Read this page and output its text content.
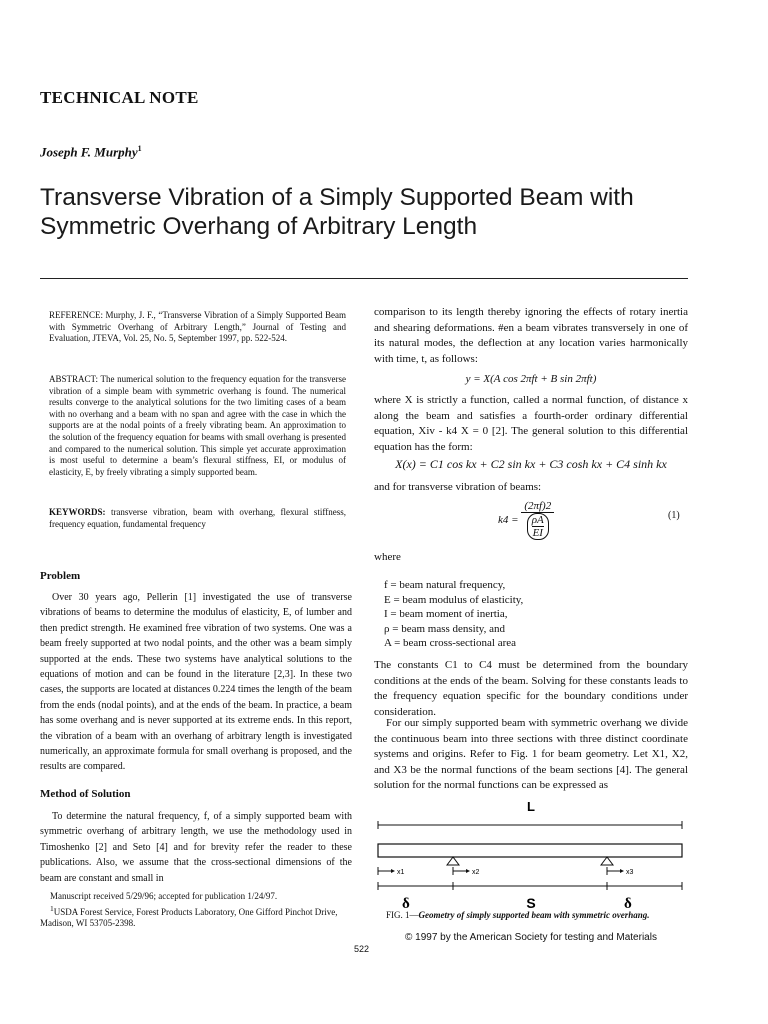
TECHNICAL NOTE
Joseph F. Murphy$^1$
Transverse Vibration of a Simply Supported Beam with Symmetric Overhang of Arbitrary Length
REFERENCE: Murphy, J. F., “Transverse Vibration of a Simply Supported Beam with Symmetric Overhang of Arbitrary Length,” Journal of Testing and Evaluation, JTEVA, Vol. 25, No. 5, September 1997, pp. 522-524.
ABSTRACT: The numerical solution to the frequency equation for the transverse vibration of a simple beam with symmetric overhang is found. The numerical results converge to the analytical solutions for the two limiting cases of a beam with no overhang and a beam with no span and agree with the case in which the supports are at the nodal points of a freely vibrating beam. An approximation to the solution of the frequency equation for beams with small overhang is presented and compared to the numerical solution. This simple yet accurate approximation is most useful to determine a beam’s flexural stiffness, EI, or modulus of elasticity, E, by freely vibrating a simply supported beam.
KEYWORDS: transverse vibration, beam with overhang, flexural stiffness, frequency equation, fundamental frequency
Problem
Over 30 years ago, Pellerin [1] investigated the use of transverse vibrations of beams to determine the modulus of elasticity, E, of lumber and then predict strength. He examined free vibration of two systems. One was a beam freely supported at two nodal points, and the other was a beam simply supported at the ends. These two systems have analytical solutions to the equations of motion and can be found in the literature [2,3]. In these two cases, the supports are located at distances 0.224 times the length of the beam from the ends (nodal points), and at the ends of the beam. In practice, a beam has some overhang and is never supported at its extreme ends. In this report, the vibration of a beam with an overhang of arbitrary length is investigated numerically, an approximate formula for small overhang is proposed, and the results are compared.
Method of Solution
To determine the natural frequency, f, of a simply supported beam with symmetric overhang of arbitrary length, we use the methodology used in Timoshenko [2] and Seto [4] and for brevity refer the reader to these publications. Also, we assume that the cross-sectional dimensions of the beam are constant and small in
Manuscript received 5/29/96; accepted for publication 1/24/97.
$^1$USDA Forest Service, Forest Products Laboratory, One Gifford Pinchot Drive, Madison, WI 53705-2398.
comparison to its length thereby ignoring the effects of rotary inertia and shearing deformations. #en a beam vibrates transversely in one of its natural modes, the deflection at any location varies harmonically with time, t, as follows:
y = X(A cos 2πft + B sin 2πft)
where X is strictly a function, called a normal function, of distance x along the beam and satisfies a fourth-order ordinary differential equation, Xiv - k4 X = 0 [2]. The general solution to this differential equation has the form:
X(x) = C1 cos kx + C2 sin kx + C3 cosh kx + C4 sinh kx
and for transverse vibration of beams:
$k4 = \frac{(2\pi f)2}{\frac{\rho A}{EI}}$	(1)
where
f = beam natural frequency,
E = beam modulus of elasticity,
I = beam moment of inertia,
ρ = beam mass density, and
A = beam cross-sectional area
The constants C1 to C4 must be determined from the boundary conditions at the ends of the beam. Solving for these constants leads to the frequency equation specific for the boundary conditions under consideration.
For our simply supported beam with symmetric overhang we divide the continuous beam into three sections with three distinct coordinate systems and origins. Refer to Fig. 1 for beam geometry. Let X1, X2, and X3 be the normal functions of the beam sections [4]. The general solution for the normal functions can be expressed as
L
x1	x2	x3
δ	S	δ
FIG. 1—Geometry of simply supported beam with symmetric overhang.
© 1997 by the American Society for testing and Materials
522
